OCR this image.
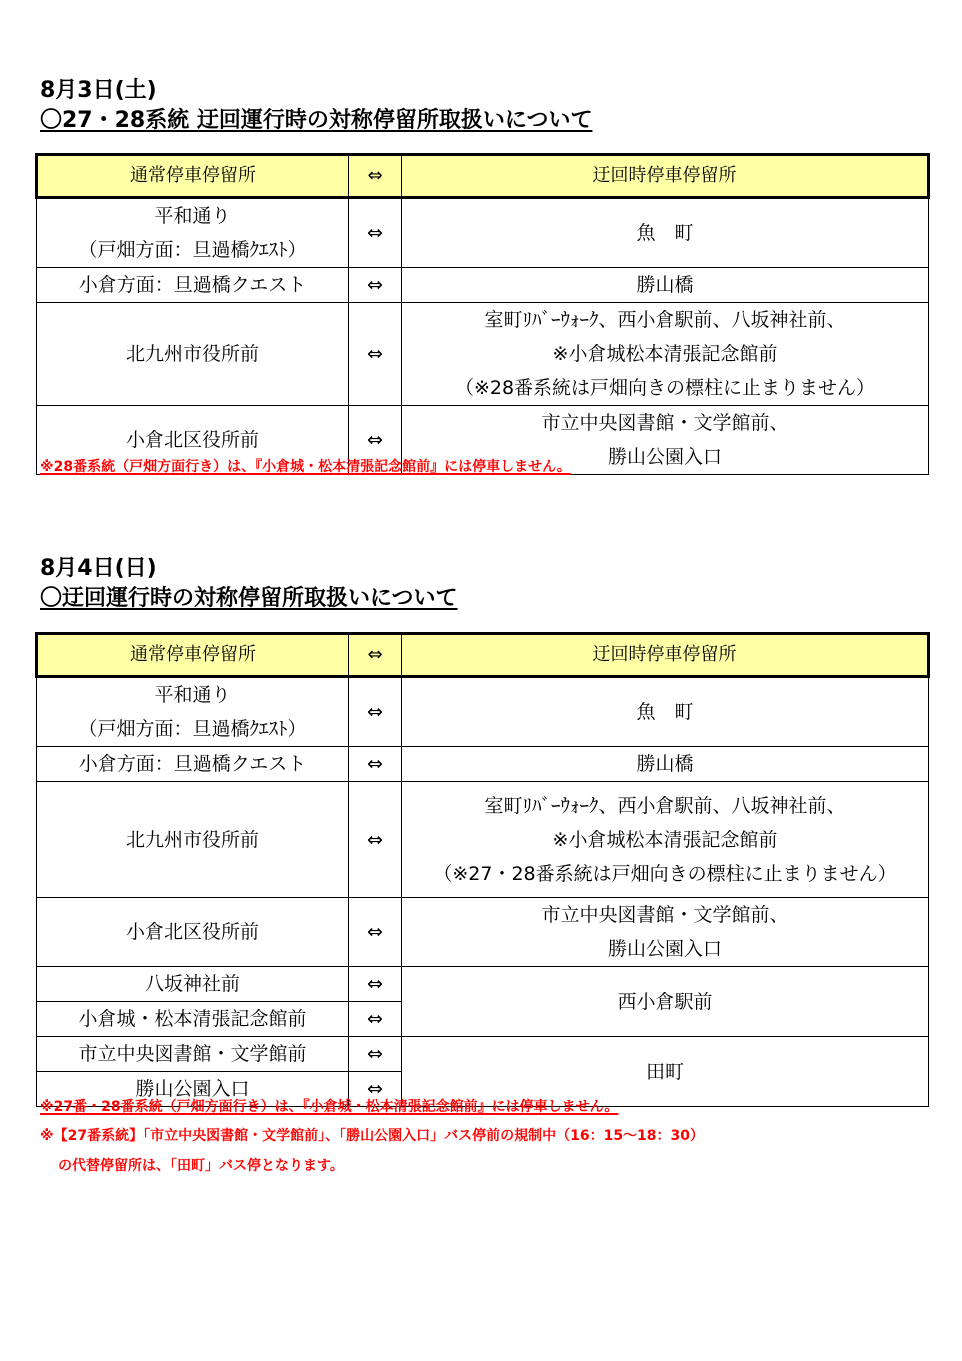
8月3日(土)
〇27・28系統 迂回運行時の対称停留所取扱いについて
通常停車停留所	⇔	迂回時停車停留所

平和通り
（戸畑方面：旦過橋ｸｴｽﾄ）	⇔	魚　町
小倉方面：旦過橋クエスト	⇔	勝山橋
北九州市役所前	⇔	室町ﾘﾊﾞｰｳｫｰｸ、西小倉駅前、八坂神社前、
※小倉城松本清張記念館前
（※28番系統は戸畑向きの標柱に止まりません）

小倉北区役所前	⇔	市立中央図書館・文学館前、
勝山公園入口
※28番系統（戸畑方面行き）は、『小倉城・松本清張記念館前』には停車しません。
8月4日(日)
〇迂回運行時の対称停留所取扱いについて
通常停車停留所	⇔	迂回時停車停留所

平和通り
（戸畑方面：旦過橋ｸｴｽﾄ）	⇔	魚　町
小倉方面：旦過橋クエスト	⇔	勝山橋
北九州市役所前	⇔	室町ﾘﾊﾞｰｳｫｰｸ、西小倉駅前、八坂神社前、
※小倉城松本清張記念館前
（※27・28番系統は戸畑向きの標柱に止まりません）

小倉北区役所前	⇔	市立中央図書館・文学館前、
勝山公園入口

八坂神社前	⇔	西小倉駅前
小倉城・松本清張記念館前	⇔	
市立中央図書館・文学館前	⇔	田町
勝山公園入口	⇔	
※27番・28番系統（戸畑方面行き）は、『小倉城・松本清張記念館前』には停車しません。
※【27番系統】「市立中央図書館・文学館前」、「勝山公園入口」バス停前の規制中（16：15～18：30）
の代替停留所は、「田町」バス停となります。
